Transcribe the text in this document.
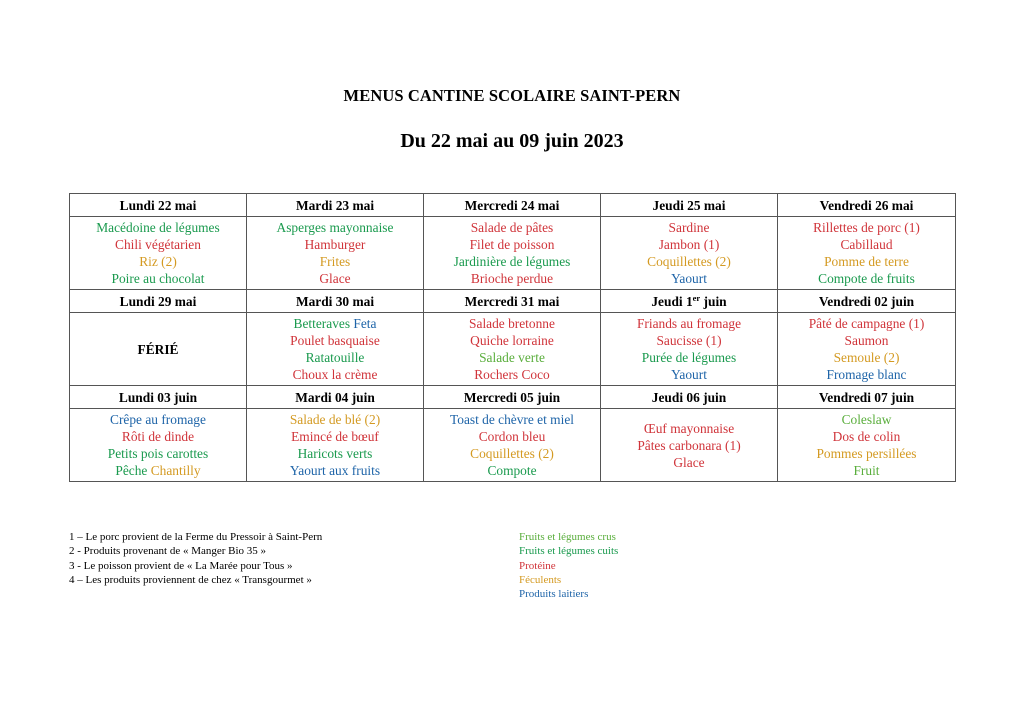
MENUS CANTINE SCOLAIRE SAINT-PERN
Du 22 mai au 09 juin 2023
Lundi 22 mai	Mardi 23 mai	Mercredi 24 mai	Jeudi 25 mai	Vendredi 26 mai

Macédoine de légumes
Chili végétarien
Riz (2)
Poire au chocolat	Asperges mayonnaise
Hamburger
Frites
Glace	Salade de pâtes
Filet de poisson
Jardinière de légumes
Brioche perdue	Sardine
Jambon (1)
Coquillettes (2)
Yaourt	Rillettes de porc (1)
Cabillaud
Pomme de terre
Compote de fruits

Lundi 29 mai	Mardi 30 mai	Mercredi 31 mai	Jeudi 1er juin	Vendredi 02 juin
FÉRIÉ	Betteraves Feta
Poulet basquaise
Ratatouille
Choux la crème	Salade bretonne
Quiche lorraine
Salade verte
Rochers Coco	Friands au fromage
Saucisse (1)
Purée de légumes
Yaourt	Pâté de campagne (1)
Saumon
Semoule (2)
Fromage blanc

Lundi 03 juin	Mardi 04 juin	Mercredi 05 juin	Jeudi 06 juin	Vendredi 07 juin

Crêpe au fromage
Rôti de dinde
Petits pois carottes
Pêche Chantilly	Salade de blé (2)
Emincé de bœuf
Haricots verts
Yaourt aux fruits	Toast de chèvre et miel
Cordon bleu
Coquillettes (2)
Compote	Œuf mayonnaise
Pâtes carbonara (1)
Glace	Coleslaw
Dos de colin
Pommes persillées
Fruit
1 – Le porc provient de la Ferme du Pressoir à Saint-Pern
2 - Produits provenant de « Manger Bio 35 »
3 - Le poisson provient de « La Marée pour Tous »
4 – Les produits proviennent de chez « Transgourmet »
Fruits et légumes crus
Fruits et légumes cuits
Protéine
Féculents
Produits laitiers
